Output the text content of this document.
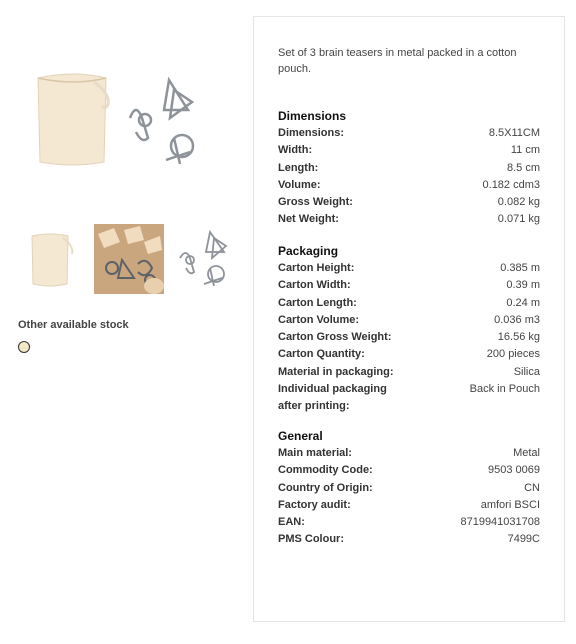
Other available stock

Set of 3 brain teasers in metal packed in a cotton pouch.

Dimensions
Dimensions:	8.5X11CM
Width:	11 cm
Length:	8.5 cm
Volume:	0.182 cdm3
Gross Weight:	0.082 kg
Net Weight:	0.071 kg
Packaging
Carton Height:	0.385 m
Carton Width:	0.39 m
Carton Length:	0.24 m
Carton Volume:	0.036 m3
Carton Gross Weight:	16.56 kg
Carton Quantity:	200 pieces
Material in packaging:	Silica
Individual packaging after printing:
Back in Pouch
General
Main material:	Metal
Commodity Code:	9503 0069
Country of Origin:	CN
Factory audit:	amfori BSCI
EAN:	8719941031708
PMS Colour:	7499C
